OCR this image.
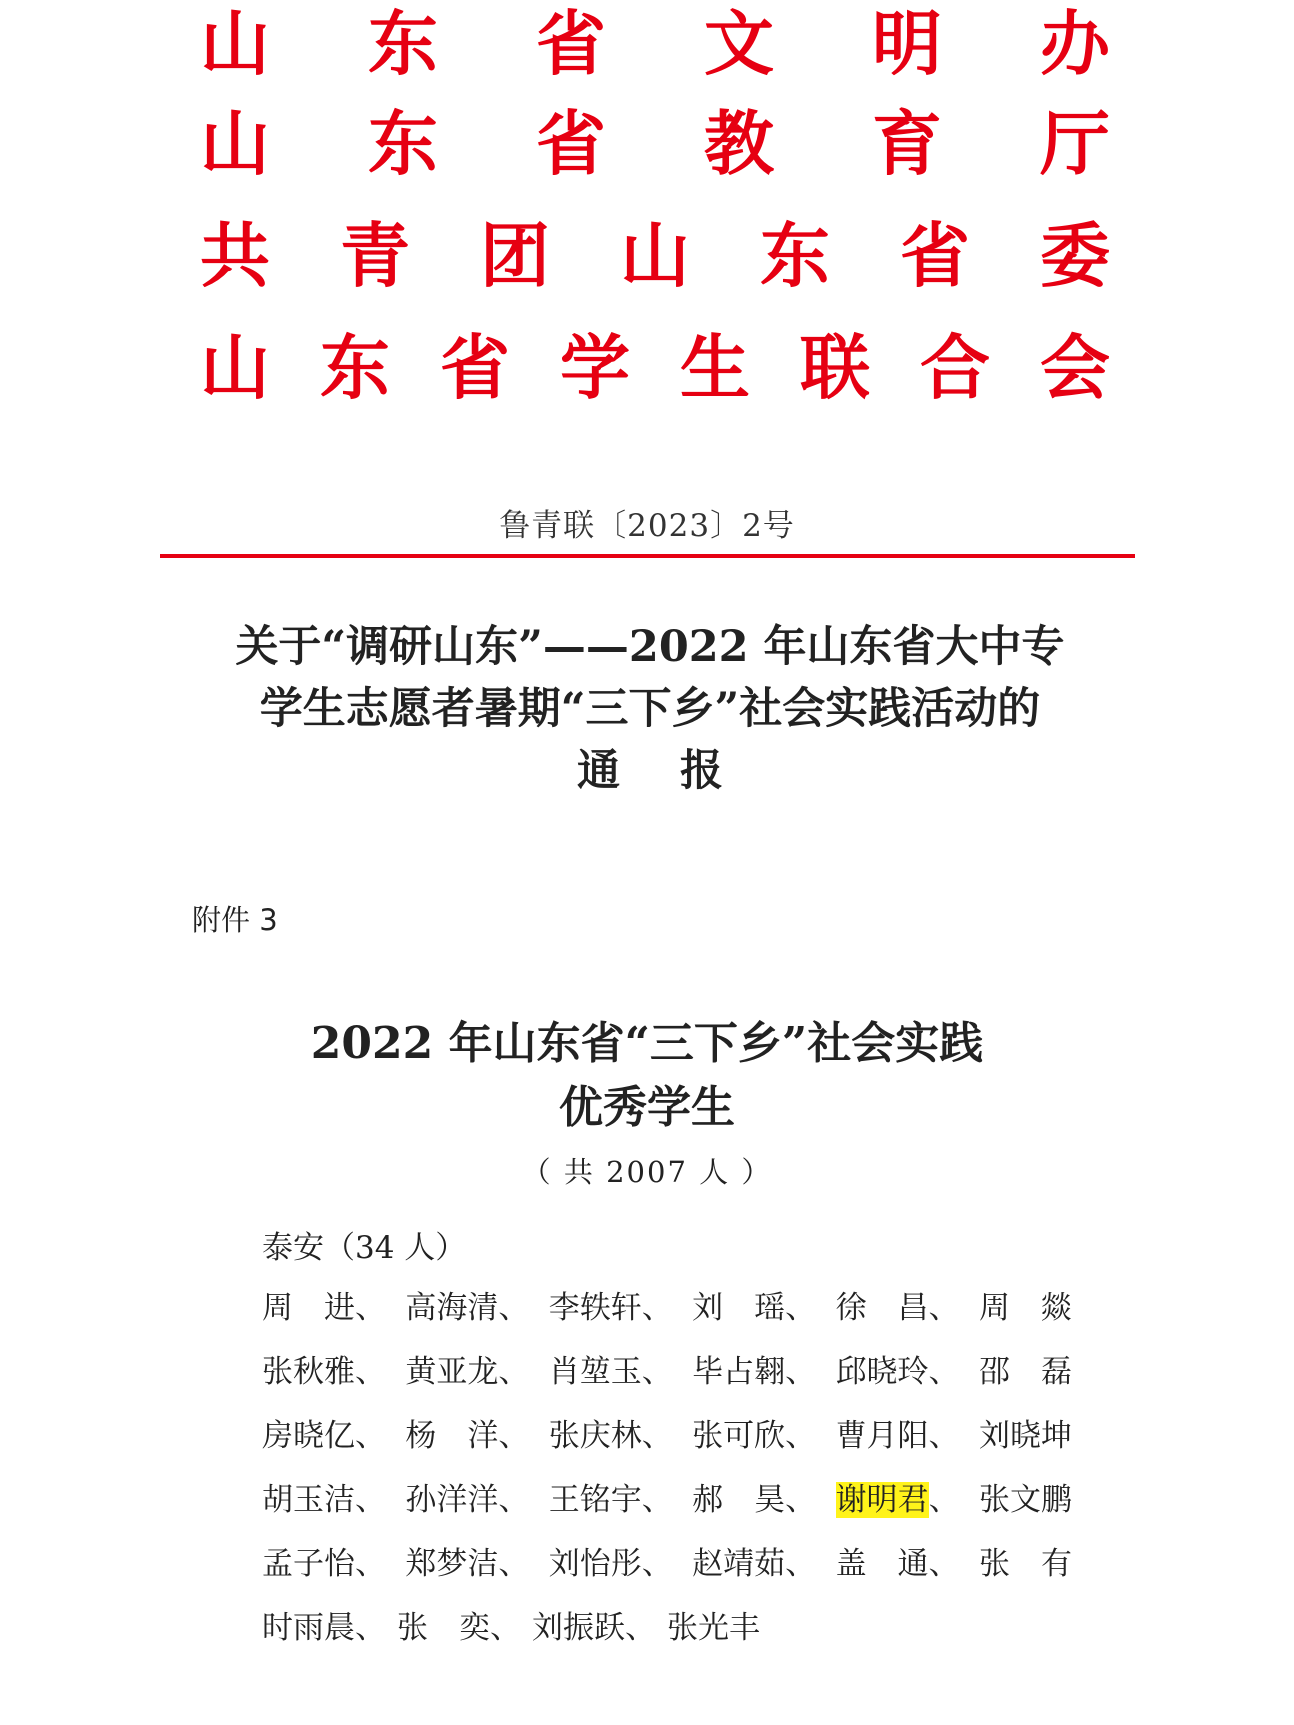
山 东 省 文 明 办
山 东 省 教 育 厅
共 青 团 山 东 省 委
山 东 省 学 生 联 合 会
鲁青联〔2023〕2号
关于“调研山东”——2022 年山东省大中专
学生志愿者暑期“三下乡”社会实践活动的
通报
附件 3
2022 年山东省“三下乡”社会实践
优秀学生
（ 共 2007 人 ）
泰安（34 人）
周　进、 高海清、 李轶轩、 刘　瑶、 徐　昌、 周　燚
张秋雅、 黄亚龙、 肖堃玉、 毕占翱、 邱晓玲、 邵　磊
房晓亿、 杨　洋、 张庆林、 张可欣、 曹月阳、 刘晓坤
胡玉洁、 孙洋洋、 王铭宇、 郝　昊、 谢明君、 张文鹏
孟子怡、 郑梦洁、 刘怡彤、 赵靖茹、 盖　通、 张　有
时雨晨、 张　奕、 刘振跃、 张光丰
